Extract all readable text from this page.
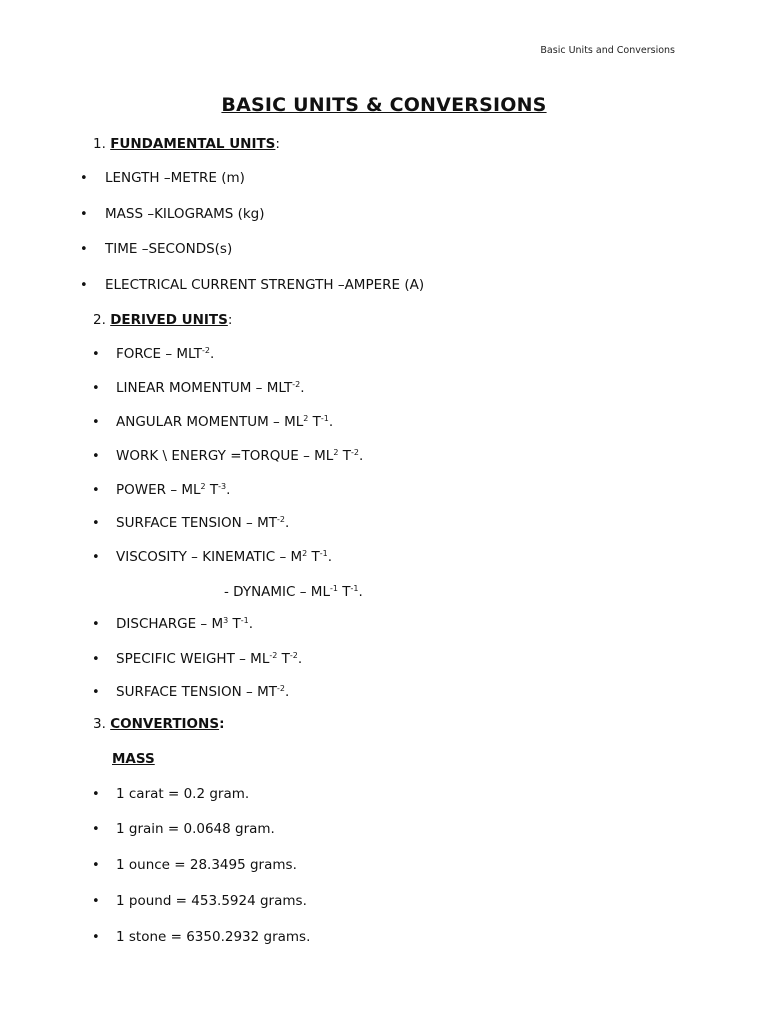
Basic Units and Conversions
BASIC UNITS & CONVERSIONS
1. FUNDAMENTAL UNITS:
• LENGTH –METRE (m)
• MASS –KILOGRAMS (kg)
• TIME –SECONDS(s)
• ELECTRICAL CURRENT STRENGTH –AMPERE (A)
2. DERIVED UNITS:
• FORCE – $MLT^{-2}$.
• LINEAR MOMENTUM – $MLT^{-2}$.
• ANGULAR MOMENTUM – $ML^2$ $T^{-1}$.
• WORK \ ENERGY =TORQUE – $ML^2$ $T^{-2}$.
• POWER – $ML^2$ $T^{-3}$.
• SURFACE TENSION – $MT^{-2}$.
• VISCOSITY – KINEMATIC – $M^2$ $T^{-1}$.
- DYNAMIC – $ML^{-1}$ $T^{-1}$.
• DISCHARGE – $M^3$ $T^{-1}$.
• SPECIFIC WEIGHT – $ML^{-2}$ $T^{-2}$.
• SURFACE TENSION – $MT^{-2}$.
3. CONVERTIONS:
MASS
• 1 carat = 0.2 gram.
• 1 grain = 0.0648 gram.
• 1 ounce = 28.3495 grams.
• 1 pound = 453.5924 grams.
• 1 stone = 6350.2932 grams.
